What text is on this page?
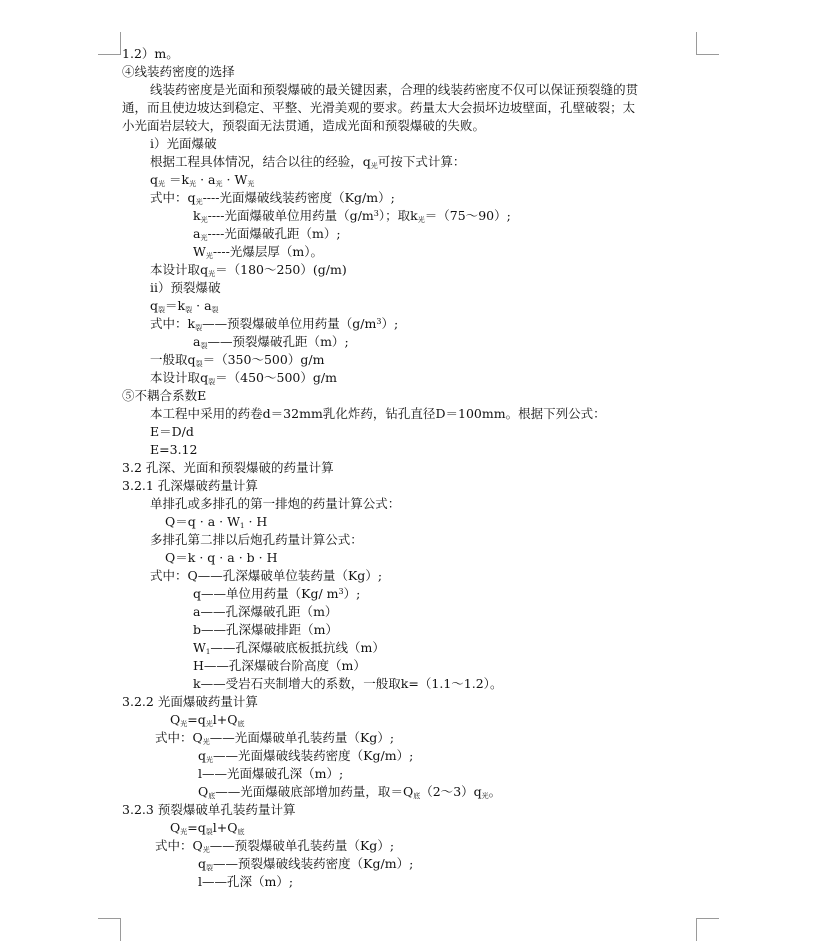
1.2）m。
④线装药密度的选择
线装药密度是光面和预裂爆破的最关键因素，合理的线装药密度不仅可以保证预裂缝的贯
通，而且使边坡达到稳定、平整、光滑美观的要求。药量太大会损坏边坡壁面，孔壁破裂；太
小光面岩层较大，预裂面无法贯通，造成光面和预裂爆破的失败。
i）光面爆破
根据工程具体情况，结合以往的经验，$q_光$可按下式计算：
$q_光 =k_光 \cdot a_光 \cdot W_光$
式中：$q_光----$光面爆破线装药密度（Kg/m）;
$k_光----$光面爆破单位用药量$(g/m^3)$；取$k_光=(75\sim 90)$;
$a_光----$光面爆破孔距（m）;
$W_光----$光爆层厚（m）。
本设计取$q_光=(180\sim 250)(g/m)$
ii）预裂爆破
$q_裂=k_裂 \cdot a_裂$
式中：$k_裂——$预裂爆破单位用药量$(g/m^3)$;
$a_裂——$预裂爆破孔距（m）;
一般取$q_裂=(350\sim 500)g/m$
本设计取$q_裂=(450\sim 500)g/m$
⑤不耦合系数E
本工程中采用的药卷d＝32mm乳化炸药，钻孔直径D＝100mm。根据下列公式：
E＝D/d
E=3.12
3.2 孔深、光面和预裂爆破的药量计算
3.2.1 孔深爆破药量计算
单排孔或多排孔的第一排炮的药量计算公式：
$Q=q \cdot a \cdot W_1 \cdot H$
多排孔第二排以后炮孔药量计算公式：
Q＝k · q · a · b · H
式中：Q——孔深爆破单位装药量（Kg）;
q——单位用药量（Kg/ $m^3$）;
a——孔深爆破孔距（m）
b——孔深爆破排距（m）
$W_1——$孔深爆破底板抵抗线（m）
H——孔深爆破台阶高度（m）
k——受岩石夹制增大的系数，一般取k=（1.1～1.2）。
3.2.2 光面爆破药量计算
$Q_光=q_光l+Q_底$
式中：$Q_光——$光面爆破单孔装药量（Kg）;
$q_光——$光面爆破线装药密度（Kg/m）;
l——光面爆破孔深（m）;
$Q_底——$光面爆破底部增加药量，取$=Q_底(2\sim 3)q_光$。
3.2.3 预裂爆破单孔装药量计算
$Q_光=q_裂l+Q_底$
式中：$Q_光——$预裂爆破单孔装药量（Kg）;
$q_裂——$预裂爆破线装药密度（Kg/m）;
l——孔深（m）;
